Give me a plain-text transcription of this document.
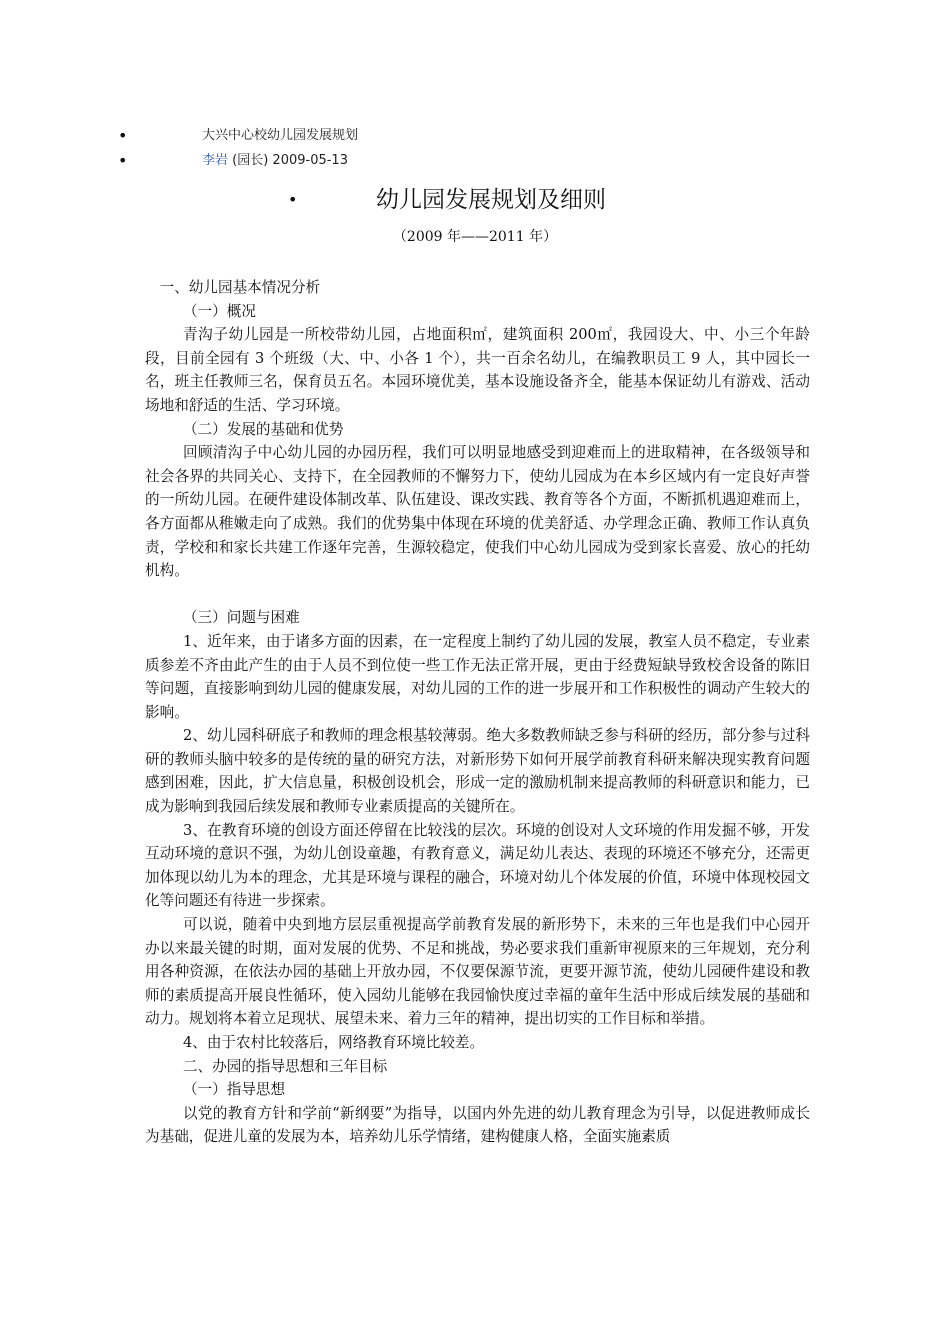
•	大兴中心校幼儿园发展规划
•	李岩 (园长) 2009-05-13
•	幼儿园发展规划及细则
（2009 年——2011 年）

一、幼儿园基本情况分析

（一）概况

青沟子幼儿园是一所校带幼儿园，占地面积㎡，建筑面积 200㎡，我园设大、中、小三个年龄段，目前全园有 3 个班级（大、中、小各 1 个），共一百余名幼儿，在编教职员工 9 人，其中园长一名，班主任教师三名，保育员五名。本园环境优美，基本设施设备齐全，能基本保证幼儿有游戏、活动场地和舒适的生活、学习环境。

（二）发展的基础和优势

回顾清沟子中心幼儿园的办园历程，我们可以明显地感受到迎难而上的进取精神，在各级领导和社会各界的共同关心、支持下，在全园教师的不懈努力下，使幼儿园成为在本乡区域内有一定良好声誉的一所幼儿园。在硬件建设体制改革、队伍建设、课改实践、教育等各个方面，不断抓机遇迎难而上，各方面都从稚嫩走向了成熟。我们的优势集中体现在环境的优美舒适、办学理念正确、教师工作认真负责，学校和和家长共建工作逐年完善，生源较稳定，使我们中心幼儿园成为受到家长喜爱、放心的托幼机构。

（三）问题与困难

1、近年来，由于诸多方面的因素，在一定程度上制约了幼儿园的发展，教室人员不稳定，专业素质参差不齐由此产生的由于人员不到位使一些工作无法正常开展，更由于经费短缺导致校舍设备的陈旧等问题，直接影响到幼儿园的健康发展，对幼儿园的工作的进一步展开和工作积极性的调动产生较大的影响。

2、幼儿园科研底子和教师的理念根基较薄弱。绝大多数教师缺乏参与科研的经历，部分参与过科研的教师头脑中较多的是传统的量的研究方法，对新形势下如何开展学前教育科研来解决现实教育问题感到困难，因此，扩大信息量，积极创设机会，形成一定的激励机制来提高教师的科研意识和能力，已成为影响到我园后续发展和教师专业素质提高的关键所在。

3、在教育环境的创设方面还停留在比较浅的层次。环境的创设对人文环境的作用发掘不够，开发互动环境的意识不强，为幼儿创设童趣，有教育意义，满足幼儿表达、表现的环境还不够充分，还需更加体现以幼儿为本的理念，尤其是环境与课程的融合，环境对幼儿个体发展的价值，环境中体现校园文化等问题还有待进一步探索。

可以说，随着中央到地方层层重视提高学前教育发展的新形势下，未来的三年也是我们中心园开办以来最关键的时期，面对发展的优势、不足和挑战，势必要求我们重新审视原来的三年规划，充分利用各种资源，在依法办园的基础上开放办园，不仅要保源节流，更要开源节流，使幼儿园硬件建设和教师的素质提高开展良性循环，使入园幼儿能够在我园愉快度过幸福的童年生活中形成后续发展的基础和动力。规划将本着立足现状、展望未来、着力三年的精神，提出切实的工作目标和举措。

4、由于农村比较落后，网络教育环境比较差。

二、办园的指导思想和三年目标

（一）指导思想

以党的教育方针和学前“新纲要”为指导，以国内外先进的幼儿教育理念为引导，以促进教师成长为基础，促进儿童的发展为本，培养幼儿乐学情绪，建构健康人格，全面实施素质
